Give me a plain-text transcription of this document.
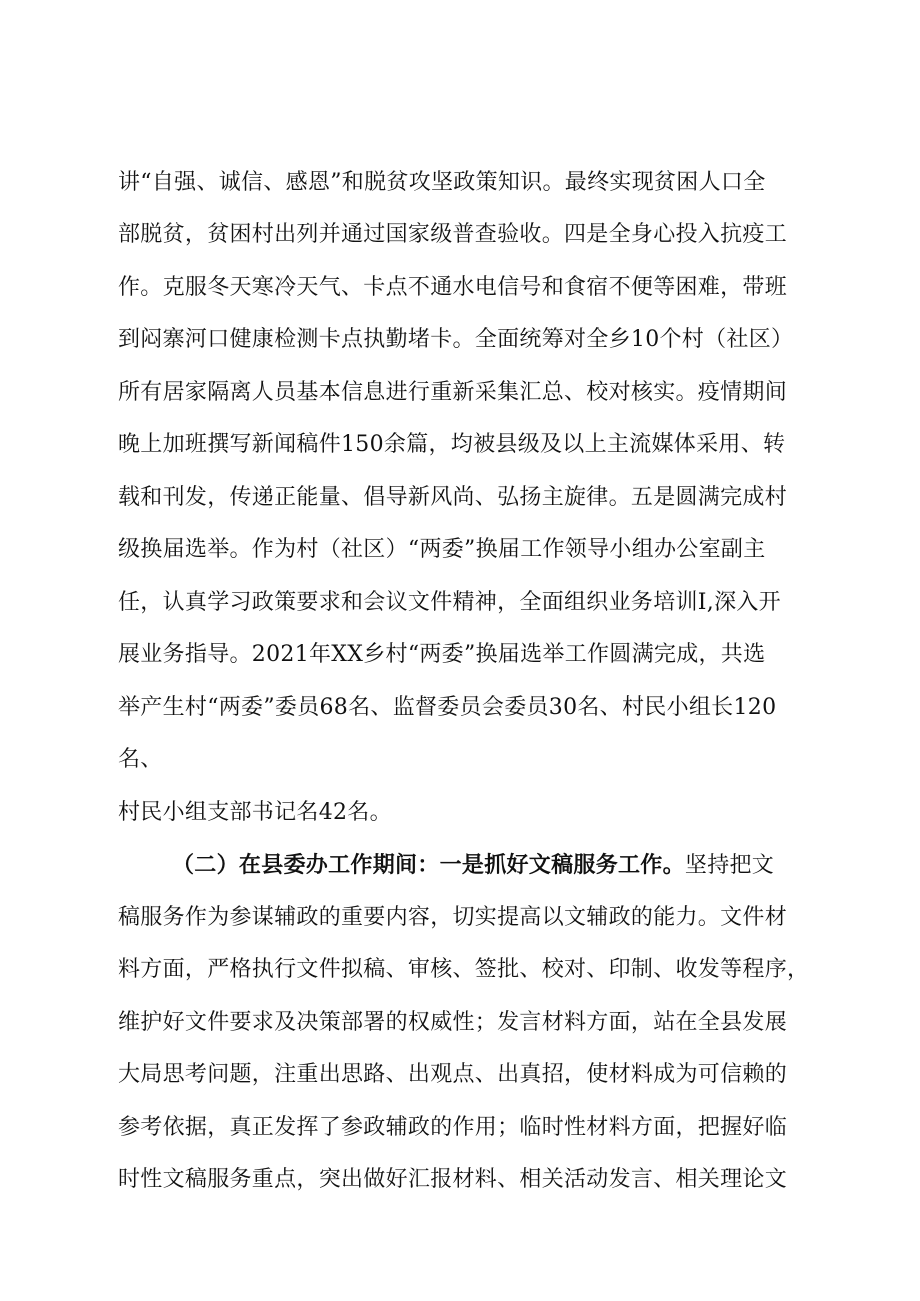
讲“自强、诚信、感恩”和脱贫攻坚政策知识。最终实现贫困人口全
部脱贫，贫困村出列并通过国家级普查验收。四是全身心投入抗疫工
作。克服冬天寒冷天气、卡点不通水电信号和食宿不便等困难，带班
到闷寨河口健康检测卡点执勤堵卡。全面统筹对全乡10个村（社区）
所有居家隔离人员基本信息进行重新采集汇总、校对核实。疫情期间
晚上加班撰写新闻稿件150余篇，均被县级及以上主流媒体采用、转
载和刊发，传递正能量、倡导新风尚、弘扬主旋律。五是圆满完成村
级换届选举。作为村（社区）“两委”换届工作领导小组办公室副主
任，认真学习政策要求和会议文件精神，全面组织业务培训Ⅰ,深入开
展业务指导。2021年XX乡村“两委”换届选举工作圆满完成，共选
举产生村“两委”委员68名、监督委员会委员30名、村民小组长120
名、
村民小组支部书记名42名。
（二）在县委办工作期间：一是抓好文稿服务工作。坚持把文
稿服务作为参谋辅政的重要内容，切实提高以文辅政的能力。文件材
料方面，严格执行文件拟稿、审核、签批、校对、印制、收发等程序，
维护好文件要求及决策部署的权威性；发言材料方面，站在全县发展
大局思考问题，注重出思路、出观点、出真招，使材料成为可信赖的
参考依据，真正发挥了参政辅政的作用；临时性材料方面，把握好临
时性文稿服务重点，突出做好汇报材料、相关活动发言、相关理论文
